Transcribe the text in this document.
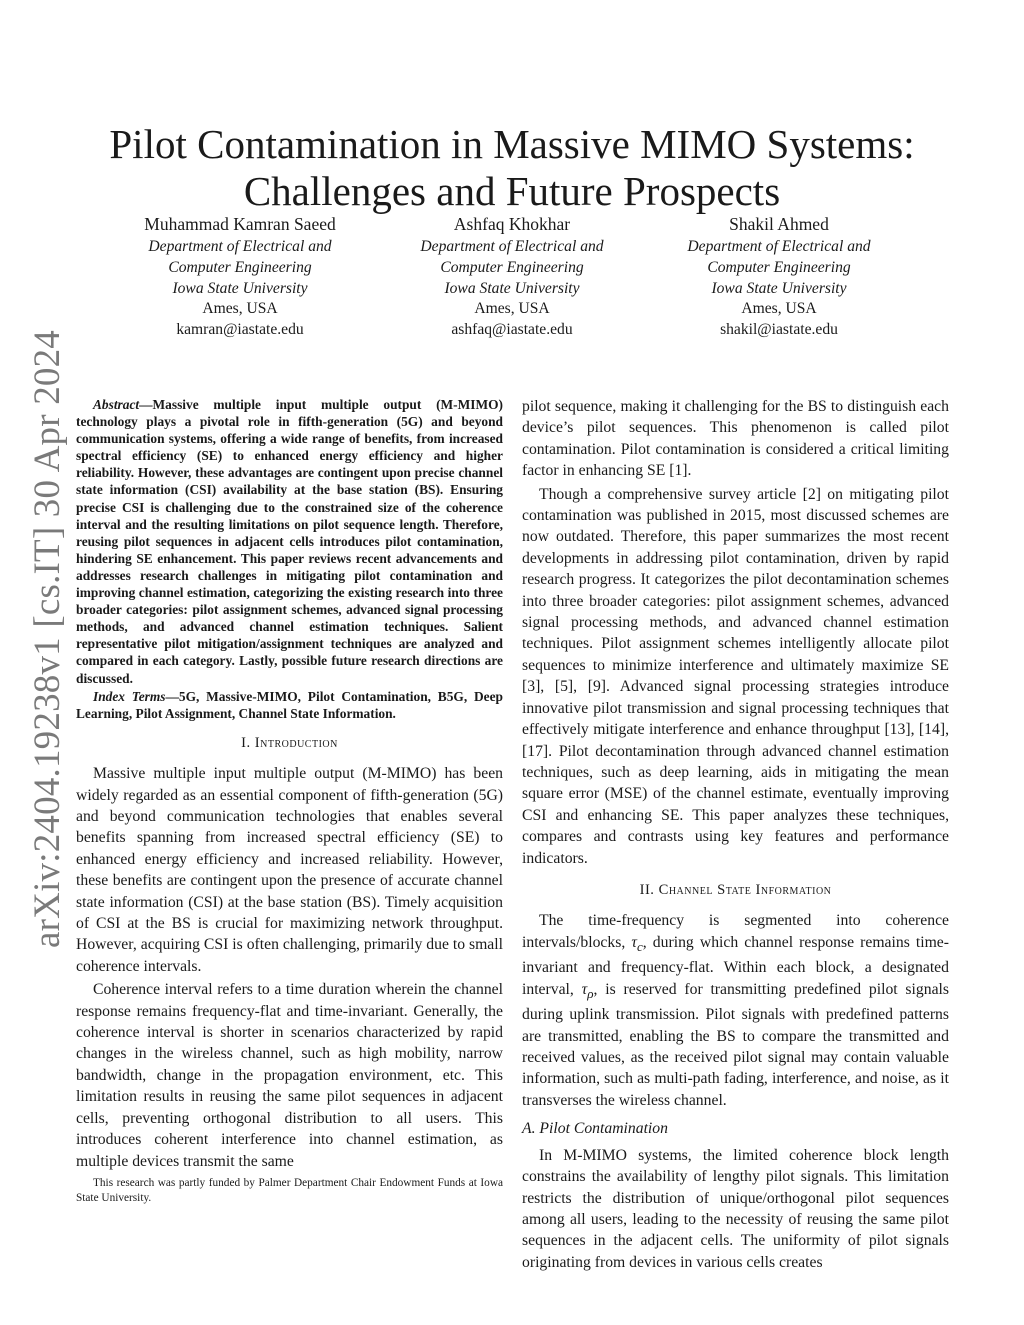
arXiv:2404.19238v1 [cs.IT] 30 Apr 2024
Pilot Contamination in Massive MIMO Systems:
Challenges and Future Prospects
Muhammad Kamran Saeed
Department of Electrical and
Computer Engineering
Iowa State University
Ames, USA
kamran@iastate.edu
Ashfaq Khokhar
Department of Electrical and
Computer Engineering
Iowa State University
Ames, USA
ashfaq@iastate.edu
Shakil Ahmed
Department of Electrical and
Computer Engineering
Iowa State University
Ames, USA
shakil@iastate.edu

Abstract—Massive multiple input multiple output (M-MIMO) technology plays a pivotal role in fifth-generation (5G) and beyond communication systems, offering a wide range of benefits, from increased spectral efficiency (SE) to enhanced energy efficiency and higher reliability. However, these advantages are contingent upon precise channel state information (CSI) availability at the base station (BS). Ensuring precise CSI is challenging due to the constrained size of the coherence interval and the resulting limitations on pilot sequence length. Therefore, reusing pilot sequences in adjacent cells introduces pilot contamination, hindering SE enhancement. This paper reviews recent advancements and addresses research challenges in mitigating pilot contamination and improving channel estimation, categorizing the existing research into three broader categories: pilot assignment schemes, advanced signal processing methods, and advanced channel estimation techniques. Salient representative pilot mitigation/assignment techniques are analyzed and compared in each category. Lastly, possible future research directions are discussed.

Index Terms—5G, Massive-MIMO, Pilot Contamination, B5G, Deep Learning, Pilot Assignment, Channel State Information.

I. Introduction

Massive multiple input multiple output (M-MIMO) has been widely regarded as an essential component of fifth-generation (5G) and beyond communication technologies that enables several benefits spanning from increased spectral efficiency (SE) to enhanced energy efficiency and increased reliability. However, these benefits are contingent upon the presence of accurate channel state information (CSI) at the base station (BS). Timely acquisition of CSI at the BS is crucial for maximizing network throughput. However, acquiring CSI is often challenging, primarily due to small coherence intervals.

Coherence interval refers to a time duration wherein the channel response remains frequency-flat and time-invariant. Generally, the coherence interval is shorter in scenarios characterized by rapid changes in the wireless channel, such as high mobility, narrow bandwidth, change in the propagation environment, etc. This limitation results in reusing the same pilot sequences in adjacent cells, preventing orthogonal distribution to all users. This introduces coherent interference into channel estimation, as multiple devices transmit the same

pilot sequence, making it challenging for the BS to distinguish each device’s pilot sequences. This phenomenon is called pilot contamination. Pilot contamination is considered a critical limiting factor in enhancing SE [1].

Though a comprehensive survey article [2] on mitigating pilot contamination was published in 2015, most discussed schemes are now outdated. Therefore, this paper summarizes the most recent developments in addressing pilot contamination, driven by rapid research progress. It categorizes the pilot decontamination schemes into three broader categories: pilot assignment schemes, advanced signal processing methods, and advanced channel estimation techniques. Pilot assignment schemes intelligently allocate pilot sequences to minimize interference and ultimately maximize SE [3], [5], [9]. Advanced signal processing strategies introduce innovative pilot transmission and signal processing techniques that effectively mitigate interference and enhance throughput [13], [14], [17]. Pilot decontamination through advanced channel estimation techniques, such as deep learning, aids in mitigating the mean square error (MSE) of the channel estimate, eventually improving CSI and enhancing SE. This paper analyzes these techniques, compares and contrasts using key features and performance indicators.

II. Channel State Information

The time-frequency is segmented into coherence intervals/blocks, $\tau_c$, during which channel response remains time-invariant and frequency-flat. Within each block, a designated interval, $\tau_\rho$, is reserved for transmitting predefined pilot signals during uplink transmission. Pilot signals with predefined patterns are transmitted, enabling the BS to compare the transmitted and received values, as the received pilot signal may contain valuable information, such as multi-path fading, interference, and noise, as it transverses the wireless channel.

A. Pilot Contamination

In M-MIMO systems, the limited coherence block length constrains the availability of lengthy pilot signals. This limitation restricts the distribution of unique/orthogonal pilot sequences among all users, leading to the necessity of reusing the same pilot sequences in the adjacent cells. The uniformity of pilot signals originating from devices in various cells creates

This research was partly funded by Palmer Department Chair Endowment Funds at Iowa State University.
